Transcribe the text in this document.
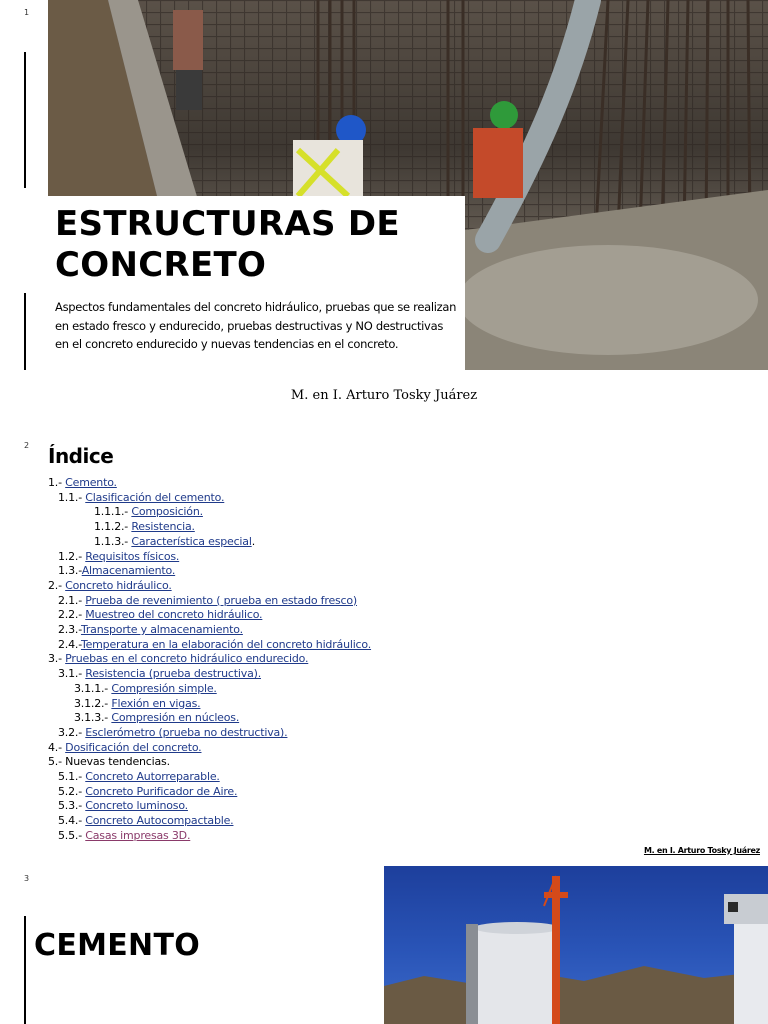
1
ESTRUCTURAS DE
CONCRETO

Aspectos fundamentales del concreto hidráulico, pruebas que se realizan en estado fresco y endurecido, pruebas destructivas y NO destructivas en el concreto endurecido y nuevas tendencias en el concreto.

M. en I. Arturo Tosky Juárez
2 Índice
1.- Cemento.
1.1.- Clasificación del cemento.
1.1.1.- Composición.
1.1.2.- Resistencia.
1.1.3.- Característica especial.
1.2.- Requisitos físicos.
1.3.-Almacenamiento.
2.- Concreto hidráulico.
2.1.- Prueba de revenimiento ( prueba en estado fresco)
2.2.- Muestreo del concreto hidráulico.
2.3.-Transporte y almacenamiento.
2.4.-Temperatura en la elaboración del concreto hidráulico.
3.- Pruebas en el concreto hidráulico endurecido.
3.1.- Resistencia (prueba destructiva).
3.1.1.- Compresión simple.
3.1.2.- Flexión en vigas.
3.1.3.- Compresión en núcleos.
3.2.- Esclerómetro (prueba no destructiva).
4.- Dosificación del concreto.
5.- Nuevas tendencias.
5.1.- Concreto Autorreparable.
5.2.- Concreto Purificador de Aire.
5.3.- Concreto luminoso.
5.4.- Concreto Autocompactable.
5.5.- Casas impresas 3D.
M. en I. Arturo Tosky Juárez
3
CEMENTO
